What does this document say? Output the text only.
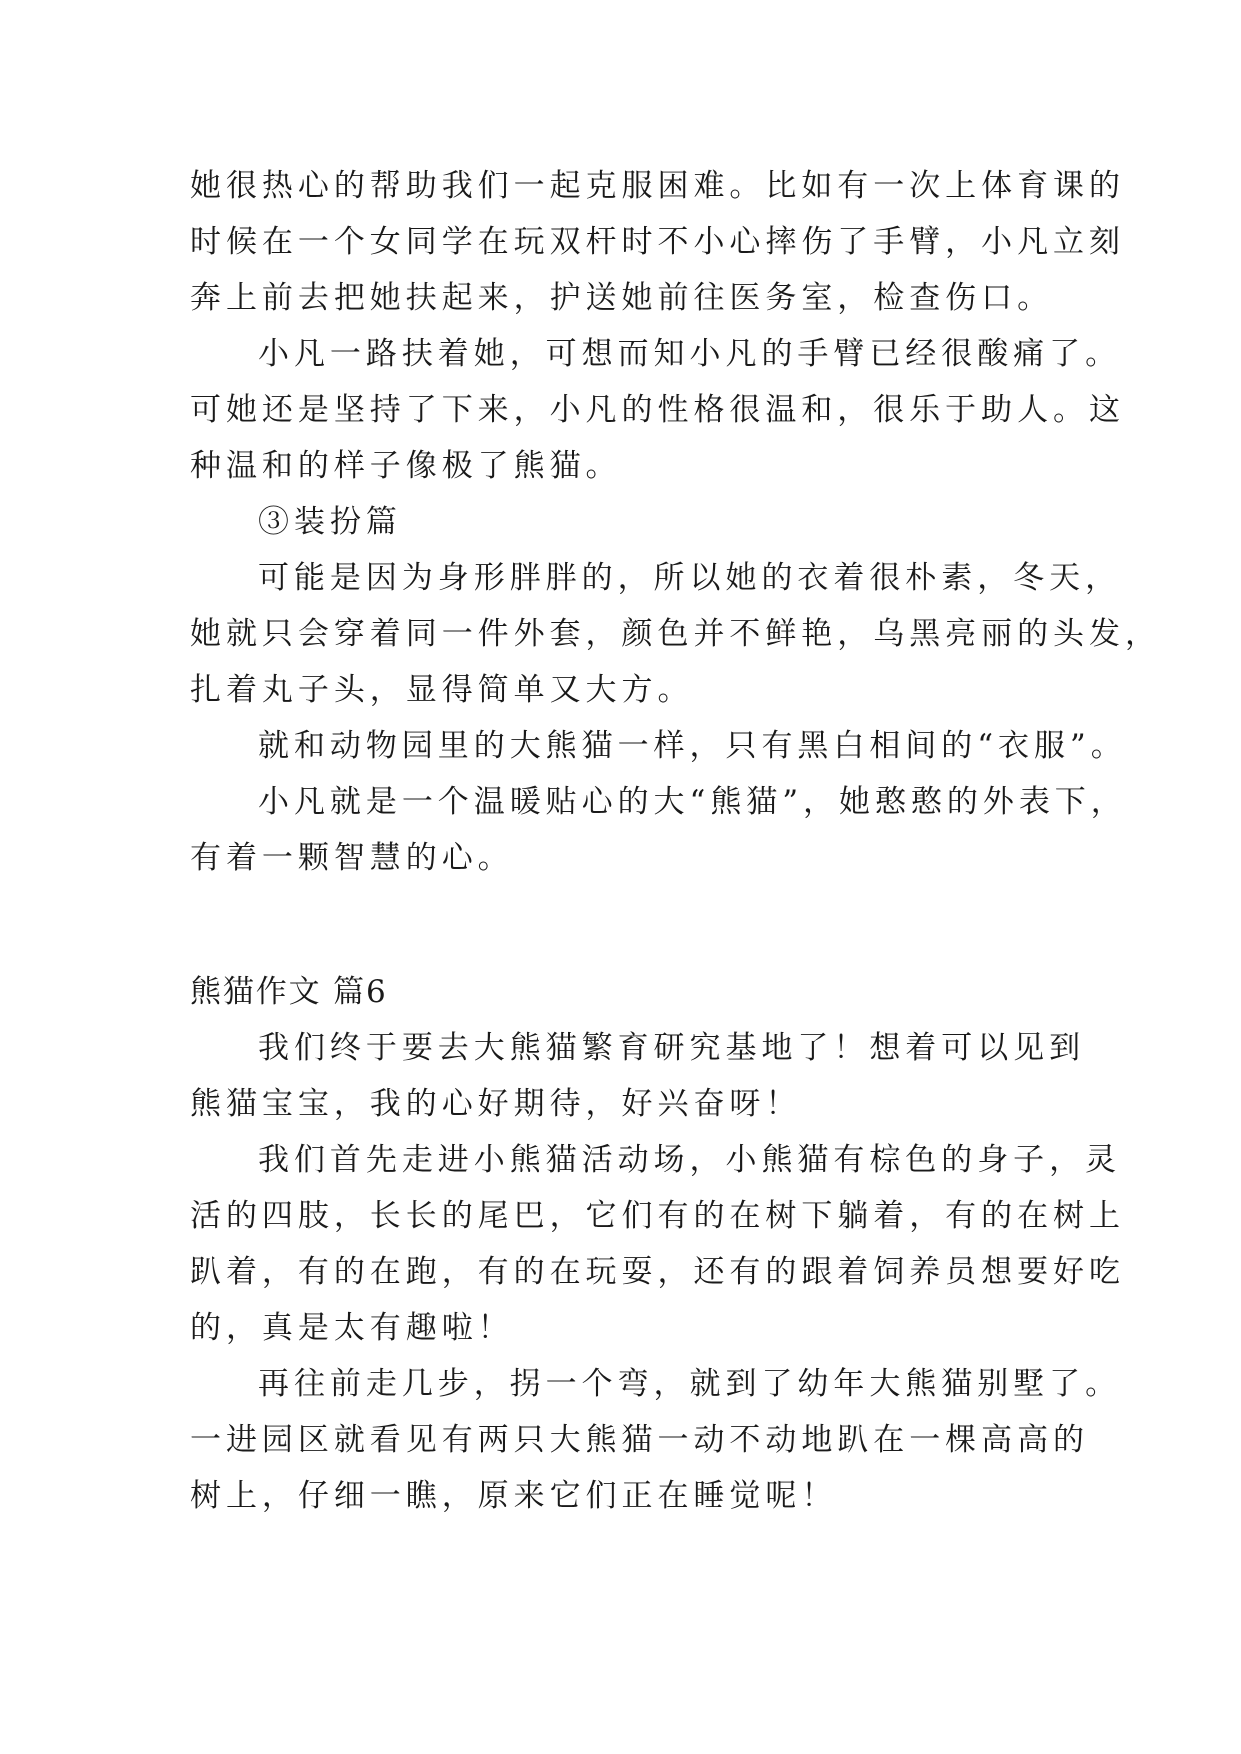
她很热心的帮助我们一起克服困难。比如有一次上体育课的
时候在一个女同学在玩双杆时不小心摔伤了手臂，小凡立刻
奔上前去把她扶起来，护送她前往医务室，检查伤口。
小凡一路扶着她，可想而知小凡的手臂已经很酸痛了。
可她还是坚持了下来，小凡的性格很温和，很乐于助人。这
种温和的样子像极了熊猫。
③装扮篇
可能是因为身形胖胖的，所以她的衣着很朴素，冬天，
她就只会穿着同一件外套，颜色并不鲜艳，乌黑亮丽的头发，
扎着丸子头，显得简单又大方。
就和动物园里的大熊猫一样，只有黑白相间的“衣服”。
小凡就是一个温暖贴心的大“熊猫”，她憨憨的外表下，
有着一颗智慧的心。
熊猫作文 篇6
我们终于要去大熊猫繁育研究基地了！想着可以见到
熊猫宝宝，我的心好期待，好兴奋呀！
我们首先走进小熊猫活动场，小熊猫有棕色的身子，灵
活的四肢，长长的尾巴，它们有的在树下躺着，有的在树上
趴着，有的在跑，有的在玩耍，还有的跟着饲养员想要好吃
的，真是太有趣啦！
再往前走几步，拐一个弯，就到了幼年大熊猫别墅了。
一进园区就看见有两只大熊猫一动不动地趴在一棵高高的
树上，仔细一瞧，原来它们正在睡觉呢！
